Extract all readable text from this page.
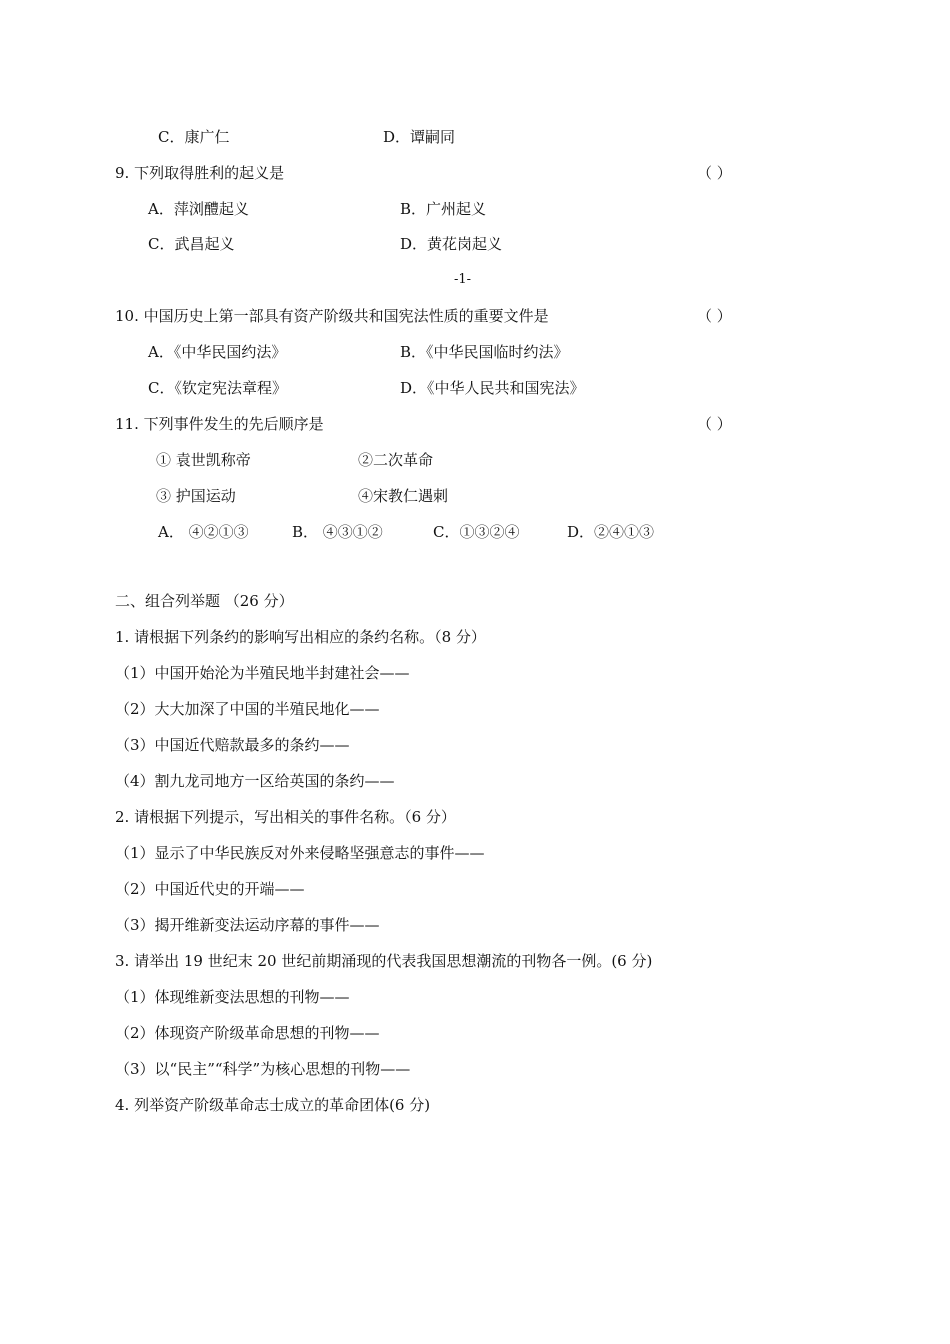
C．康广仁	D．谭嗣同
9. 下列取得胜利的起义是	（ ）
A．萍浏醴起义	B．广州起义
C．武昌起义	D．黄花岗起义
-1-
10. 中国历史上第一部具有资产阶级共和国宪法性质的重要文件是	（ ）
A．《中华民国约法》	B．《中华民国临时约法》
C．《钦定宪法章程》	D．《中华人民共和国宪法》
11. 下列事件发生的先后顺序是	（ ）
① 袁世凯称帝	②二次革命
③ 护国运动	④宋教仁遇刺
A． ④②①③	B． ④③①②	C．①③②④	D．②④①③
二、组合列举题 （26 分）
1. 请根据下列条约的影响写出相应的条约名称。（8 分）
（1）中国开始沦为半殖民地半封建社会——
（2）大大加深了中国的半殖民地化——
（3）中国近代赔款最多的条约——
（4）割九龙司地方一区给英国的条约——
2. 请根据下列提示，写出相关的事件名称。（6 分）
（1）显示了中华民族反对外来侵略坚强意志的事件——
（2）中国近代史的开端——
（3）揭开维新变法运动序幕的事件——
3. 请举出 19 世纪末 20 世纪前期涌现的代表我国思想潮流的刊物各一例。(6 分)
（1）体现维新变法思想的刊物——
（2）体现资产阶级革命思想的刊物——
（3）以“民主”“科学”为核心思想的刊物——
4. 列举资产阶级革命志士成立的革命团体(6 分)
